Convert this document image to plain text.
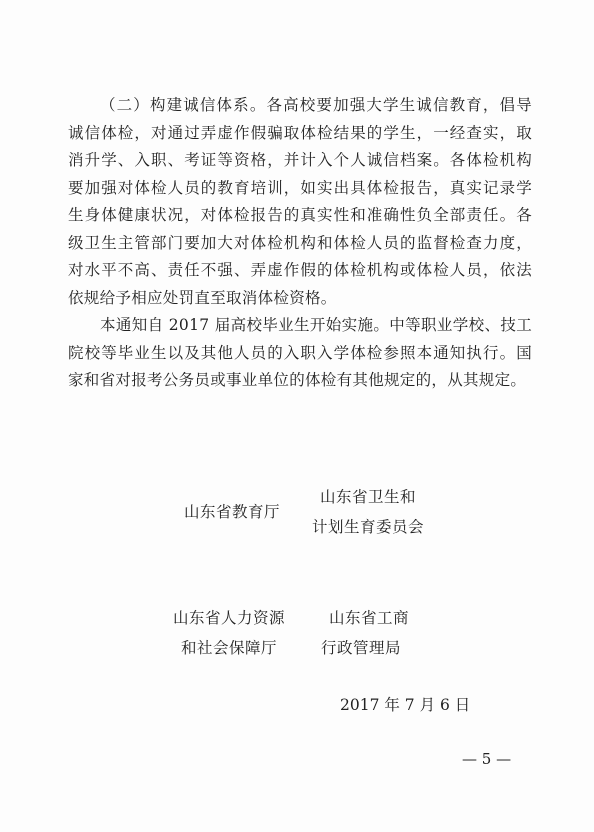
（二）构建诚信体系。各高校要加强大学生诚信教育，倡导
诚信体检，对通过弄虚作假骗取体检结果的学生，一经查实，取
消升学、入职、考证等资格，并计入个人诚信档案。各体检机构
要加强对体检人员的教育培训，如实出具体检报告，真实记录学
生身体健康状况，对体检报告的真实性和准确性负全部责任。各
级卫生主管部门要加大对体检机构和体检人员的监督检查力度，
对水平不高、责任不强、弄虚作假的体检机构或体检人员，依法
依规给予相应处罚直至取消体检资格。
本通知自 2017 届高校毕业生开始实施。中等职业学校、技工
院校等毕业生以及其他人员的入职入学体检参照本通知执行。国
家和省对报考公务员或事业单位的体检有其他规定的，从其规定。
山东省教育厅
山东省卫生和
计划生育委员会
山东省人力资源
和社会保障厅
山东省工商
行政管理局
2017 年 7 月 6 日
— 5 —
